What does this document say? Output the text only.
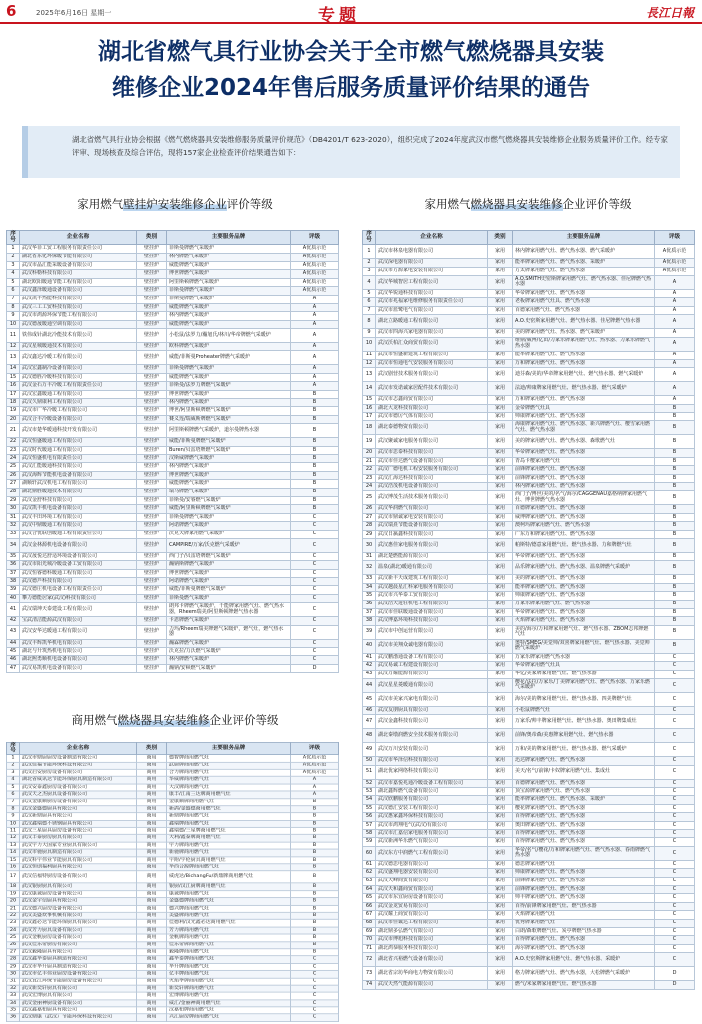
6	2025年6月16日 星期一	专题	長江日報
湖北省燃气具行业协会关于全市燃气燃烧器具安装
维修企业2024年售后服务质量评价结果的通告
湖北省燃气具行业协会根据《燃气燃烧器具安装维修服务质量评价规范》（DB4201/T 623-2020），组织完成了2024年度武汉市燃气燃烧器具安装维修企业服务质量评价工作。经专家评审、现场核查及综合评估，现将157家企业检查评价结果通告如下：
家用燃气壁挂炉安装维修企业评价等级
序号	企业名称	类别	主要服务品牌	评级
1	武汉华菲工贸工程服务有限责任公司	壁挂炉	菲斯曼牌燃气采暖炉	A优质示范
2	湖北省东化环保暖节能有限公司	壁挂炉	林内牌燃气采暖炉	A优质示范
3	武汉市晶汇能采暖设备有限公司	壁挂炉	威能牌燃气采暖炉	A优质示范
4	武汉科勒科技有限公司	壁挂炉	博世牌燃气采暖炉	A优质示范
5	湖北欧阳暖通节能工程有限公司	壁挂炉	阿里斯顿牌燃气采暖炉	A优质示范
6	武汉鑫泽暖通设备有限公司	壁挂炉	菲斯曼牌燃气采暖炉	A优质示范
7	武汉凯丰热能科技有限公司	壁挂炉	菲斯曼牌燃气采暖炉	A
8	武汉三工工贸科技有限公司	壁挂炉	威能牌燃气采暖炉	A
9	武汉市鸿源环保节能工程有限公司	壁挂炉	林内牌燃气采暖炉	A
10	武汉德晟暖通空调有限公司	壁挂炉	威能牌燃气采暖炉	A
11	铁伟成针湖北冷能技术有限公司	壁挂炉	小松鼠/法罗力/瀚旭氏/林川/华帝牌燃气采暖炉	A
12	武汉星城暖通技术有限公司	壁挂炉	欧科牌燃气采暖炉	A
13	武汉鑫达冷暖工程有限公司	壁挂炉	威能/菲斯曼Proheater牌燃气采暖炉	A
14	武汉宏鑫制冷设备有限公司	壁挂炉	菲斯曼牌燃气采暖炉	A
15	武汉德胜冷暖科技有限公司	壁挂炉	威能牌燃气采暖炉	A
16	武汉金石万丰冷暖工程有限责任公司	壁挂炉	菲斯曼/法罗力牌燃气采暖炉	A
17	武汉宏鑫暖通工程有限公司	壁挂炉	博世牌燃气采暖炉	B
18	武汉久鼎康利工程有限公司	壁挂炉	林内牌燃气采暖炉	B
19	武汉市广华冷暖工程有限公司	壁挂炉	博世/阿里斯顿牌燃气采暖炉	B
20	武汉合丰冷暖设备有限公司	壁挂炉	賽义莲/瑞威斯牌燃气采暖炉	B
21	武汉市楚华暖通科技开发有限公司	壁挂炉	阿里斯顿牌燃气采暖炉，道尔曼牌热水器	B
22	武汉恒盛暖通工程有限公司	壁挂炉	威能/菲斯曼牌燃气采暖炉	B
23	武汉时代暖通工程有限公司	壁挂炉	Buren/贝雷塔牌燃气采暖炉	B
24	武汉恒盛机电有限责任公司	壁挂炉	汉斯威牌燃气采暖炉	B
25	武汉汇能暖通科技有限公司	壁挂炉	林内牌燃气采暖炉	B
26	武汉海辉节能机电设备有限公司	壁挂炉	博世牌燃气采暖炉	B
27	湖顺轩武汉机电工程有限公司	壁挂炉	威能牌燃气采暖炉	B
28	湖北鼎胜暖通技术有限公司	壁挂炉	瑞马牌燃气采暖炉	B
29	武汉金舒科技有限公司	壁挂炉	菲斯曼/安睿燃气采暖炉	B
30	武汉凯丰机电设备有限公司	壁挂炉	威能/阿里斯顿牌燃气采暖炉	B
31	武汉丰田环境工程有限公司	壁挂炉	菲斯曼牌燃气采暖炉	C
32	武汉中鼎暖通工程有限公司	壁挂炉	阿诺牌燃气采暖炉	C
33	武汉合优联创暖通工程有限责任公司	壁挂炉	沃克夫牌家用燃气采暖炉	C
34	武汉金林源机电设备有限公司	壁挂炉	CAMPIRE/万家/沃克燃气采暖炉	C
35	武汉晟悦达舒适环境设备有限公司	壁挂炉	西门子/贝雷塔牌燃气采暖炉	C
36	武汉市阳光城冷暖设备工贸有限公司	壁挂炉	瀚钠斯牌燃气采暖炉	C
37	武汉恒睿德科暖通工程有限公司	壁挂炉	博世牌燃气采暖炉	C
38	武汉德芦科技有限公司	壁挂炉	阿诺牌燃气采暖炉	C
39	武汉德庄机电设备工程有限责任公司	壁挂炉	威能/菲斯曼牌燃气采暖炉	C
40	攀力德能居家(武汉)科技有限公司	壁挂炉	菲斯曼燃气采暖炉	C
41	武汉瑞坤天泰建设工程有限公司	壁挂炉	朗邦卡牌燃气采暖炉，千能牌家用燃气灶、燃气热水器，Rheem瑞美/阿里斯顿牌燃气热水器	C
42	宝武清洁能源武汉有限公司	壁挂炉	卡恩牌燃气采暖炉	C
43	武汉安华达暖通工程有限公司	壁挂炉	力玛/Rheem瑞美牌燃气采暖炉，燃气灶，燃气热水器	C
44	武汉丰辉凯华机电有限公司	壁挂炉	瀚霖牌燃气采暖炉	C
45	湖北与升筑热机电有限公司	壁挂炉	沃克拉/力沃燃气采暖炉	C
46	湖北熙勇顺机电设备有限公司	壁挂炉	林内牌燃气采暖炉	C
47	武汉易凯机电设备有限公司	壁挂炉	瀚钠/安顿燃气采暖炉	D
商用燃气燃烧器具安装维修企业评价等级
序号	企业名称	类别	主要服务品牌	评级
1	武汉市鼎厨厨房设备制造有限公司	商用	德智牌商用燃气灶	A优质示范
2	武汉佳福节能环保科技有限公司	商用	武厨牌商用燃气灶	A优质示范
3	武汉启安厨房设备有限公司	商用	合力牌商用燃气灶	A优质示范
4	湖北省威讯达节能环保厨具制造有限公司	商用	华威牌商用燃气灶	A
5	武汉安泰鑫厨房设备有限公司	商用	大汉牌商用燃气灶	A
6	武汉天之杰厨具设备有限公司	商用	康丰/江南三达牌商用燃气灶	A
7	武汉金康顺厨房设备有限公司	商用	金康顺牌商用燃气灶	B
8	武汉金盛德厨具有限公司	商用	新鸽/金盛德商用燃气灶	B
9	武汉新鼎厨具有限公司	商用	新鼎牌商用燃气灶	B
10	武汉鑫瑞德不锈钢厨具有限公司	商用	鑫瑞牌商用燃气灶	B
11	武汉三星厨具厨房设备有限公司	商用	鑫瑞德/三星牌商用燃气灶	B
12	武汉丰泰厨房厨具有限公司	商用	大利/鑫泰牌商用燃气灶	B
13	武汉宇力大国家专业厨具有限公司	商用	宇力牌商用燃气灶	B
14	武汉市驰厨具制造有限公司	商用	新驰牌商用燃气灶	B
15	武汉科宇伟业节能厨具有限公司	商用	宇附/宇伦厨具商用燃气灶	B
16	武汉恒创福利厨具有限公司	商用	华西合源牌商用燃气灶	B
17	武汉信福特厨房设备有限公司	商用	威虎达/BichangFu/新鼎牌商用燃气灶	B
18	武汉银厨厨具有限公司	商用	银厨/汉江厨牌商用燃气灶	B
19	武汉康诚厨房设备有限公司	商用	康诚牌商用燃气灶	B
20	武汉金宇信厨具有限公司	商用	金盛德牌商用燃气灶	B
21	武汉德兴厨房设备有限公司	商用	德兴牌商用燃气灶	B
22	武汉美盛炊事机械有限公司	商用	美盛牌商用燃气灶	B
23	武汉鑫必达节能环保厨具有限公司	商用	佳德利/汉光鑫必达商用燃气灶	B
24	武汉芳力厨具设备有限公司	商用	芳力牌商用燃气灶	B
25	武汉金帆厨房设备有限公司	商用	金帆牌商用燃气灶	B
26	武汉佳乐帝厨房有限公司	商用	佳乐帝牌商用燃气灶	B
27	武汉毅隆厨具有限公司	商用	毅隆牌商用燃气灶	B
28	武汉鑫华泰厨具制造有限公司	商用	鑫华泰牌商用燃气灶	C
29	武汉市华升厨具制造有限公司	商用	华升牌商用燃气灶	C
30	武汉市亿丰伟业厨房设备有限公司	商用	亿丰牌商用燃气灶	C
31	武汉宜江环保节能厨房设备有限公司	商用	火焰季牌商用燃气灶	C
32	武汉新奕轩厨具有限公司	商用	新奕轩牌商用燃气灶	C
33	武汉宏博厨具有限公司	商用	宏博牌商用燃气灶	C
34	武汉金丽神厨设备有限公司	商用	威汇/金丽神商用燃气灶	C
35	武汉鑫嘉柏厨具有限公司	商用	汉嘉柏牌商用燃气灶	C
36	武汉鼎康（武汉）节能环保科技有限公司	商用	兴汇厨房牌商用燃气灶	C
家用燃气燃烧器具安装维修企业评价等级
序号	企业名称	类别	主要服务品牌	评级
1	武汉市林泉电器有限公司	家用	林内牌家用燃气灶、燃气热水器、燃气采暖炉	A优质示范
2	武汉深电器有限公司	家用	能率牌家用燃气灶、燃气热水器、采暖炉	A优质示范
3	武汉市方源家电安装有限公司	家用	方太牌家用燃气灶、燃气热水器	A优质示范
4	武汉华城智居工程有限公司	家用	A.O.SMITH史密斯牌家用燃气灶、燃气热水器、佳尼牌燃气热水器	A
5	武汉华锐通科技有限公司	家用	华帝牌家用燃气灶、燃气热水器	A
6	武汉市兆福家电维修服务有限责任公司	家用	老板牌家用燃气灶具、燃气热水器	A
7	武汉市蓝鹭电气有限公司	家用	百德家用燃气灶、燃气热水器	A
8	湖北立路暖通工程有限公司	家用	A.O.史密斯家用燃气灶、燃气热水器、佳尼牌燃气热水器	A
9	武汉市四海兴家电器有限公司	家用	美的牌家用燃气灶、热水器、燃气采暖炉	A
10	武汉沃柏汇众商贸有限公司	家用	维鼎/威博/亿田/力家乐牌家用燃气灶、热水器、力家乐牌燃气热水器	A
11	武汉市恒盛新建筑工程有限公司	家用	能率牌家用燃气灶、燃气热水器	A
12	武汉市恒通电气安装服务有限公司	家用	万和牌家用燃气灶、燃气热水器	A
13	武汉剧营技术服务有限公司	家用	迪芬森/美的/华帝牌家用燃气灶、燃气热水器、燃气采暖炉	A
14	武汉市发诺诚家居配件技术有限公司	家用	法迪/帅康牌家用燃气灶、燃气热水器、燃气采暖炉	A
15	武汉市志鑫商贸有限公司	家用	万和牌家用燃气灶、燃气热水器	A
16	湖北大龙科技有限公司	家用	金帝牌燃气灶具	B
17	武汉市德厉气体有限公司	家用	帅康牌家用燃气灶、燃气热水器	B
18	湖北泰德物资有限公司	家用	海康牌家用燃气灶、燃气热水器、新兴牌燃气灶、樱雪家用燃气灶、燃气热水器	B
19	武汉聚诚家电服务有限公司	家用	美的牌家用燃气灶、燃气热水器、森歌燃气灶	B
20	武汉市思泰科技有限公司	家用	华帝牌家用燃气灶、燃气热水器	B
21	武汉市佳达燃气设备有限公司	家用	青岛卡樱家用燃气灶	B
22	武汉广德电机工程安装服务有限公司	家用	前锋牌家用燃气灶、燃气热水器	B
23	武汉汇海达科技有限公司	家用	前锋牌家用燃气灶、燃气热水器	B
24	武汉浩茂机电设备有限公司	家用	林内牌家用燃气灶、燃气热水器	B
25	武汉博茂生活技术服务有限公司	家用	西门子/博世/美的/名气/海尔/CAGGENAU嘉格纳牌家用燃气灶、博世牌燃气热水器	B
26	武汉华润燃气有限公司	家用	百德牌家用燃气灶、燃气热水器	B
27	武汉市鼎诚家电安装有限公司	家用	威博牌家用燃气灶、燃气热水器	B
28	武汉瑞熹节能设备有限公司	家用	澳柯玛牌家用燃气灶、燃气热水器	B
29	武汉日嬴鑫科技有限公司	家用	广东万和牌家用燃气灶、燃气热水器	B
30	武汉惠佳家电服务有限公司	家用	帕斯特/德意家用燃气灶、燃气热水器、力和牌燃气灶	B
31	湖北楚燃能源有限公司	家用	华帝牌家用燃气灶、燃气热水器	B
32	温泉(湖北)暖通有限公司	家用	品乐牌家用燃气灶、燃气热水器、温泉牌燃气采暖炉	B
33	武汉新丰天成建筑工程有限公司	家用	美的牌家用燃气灶、燃气热水器	B
34	武汉越晨星汇科家电服务有限公司	家用	能率牌家用燃气灶、燃气热水器	B
35	武汉市兴华泰工贸有限公司	家用	帅康牌家用燃气灶、燃气热水器	B
36	武汉浩天进驻机电工程有限公司	家用	万家乐牌家用燃气灶、燃气热水器	B
37	武汉市佳联暖通设备有限公司	家用	华帝牌家用燃气灶、燃气热水器	B
38	武汉博嘉环境科技有限公司	家用	火焰牌家用燃气灶、燃气热水器	B
39	武汉市中创运营有限公司	家用	美的/海尔/万和牌家用燃气灶、燃气热水器、ZBOM志邦牌燃气灶	B
40	武汉市美翔众诚电器有限公司	家用	奥特/SMEG/美觉帅/双喜牌家用燃气灶、燃气热水器、美觉帅燃气采暖炉	B
41	武汉鹏渤通设备工程有限公司	家用	万家乐牌家用燃气热水器	C
42	武汉易诚工程建设有限公司	家用	华帝牌家用燃气灶具	C
43	武汉万耀能源有限公司	家用	华亿/美家牌家用燃气灶、燃气热水器	C
44	武汉星星菱暖通有限公司	家用	樱花/法拉/万家乐/丁美牌家用燃气灶、燃气热水器、万家乐燃气采暖炉	C
45	武汉市美家兴家电有限公司	家用	海尔/美的牌家用燃气灶、燃气热水器、四美牌燃气灶	C
46	武汉友朋厨具有限公司	家用	小松鼠牌燃气灶	C
47	武汉金鑫科技有限公司	家用	万家乐/帅丰牌家用燃气灶、燃气热水器、奥田牌集成灶	C
48	湖北秦墩润燃安全技术服务有限公司	家用	前锋/奥帝森/美惠牌家用燃气灶、燃气热水器	C
49	武汉万川安装有限公司	家用	万和/美的牌家用燃气灶、燃气热水器、燃气采暖炉	C
50	武汉市华泽信科技有限公司	家用	迅达牌家用燃气灶、燃气热水器	C
51	湖北优家网络科技有限公司	家用	美天/名气/前锋/卡奴牌家用燃气灶、集成灶	C
52	武汉市嘉悦兆通冷暖设备工程有限公司	家用	百德牌家用燃气灶、燃气热水器	C
53	湖北鑫辉燃气设备有限公司	家用	顶宝源牌家用燃气灶、燃气热水器	C
54	武汉欣鹏服务有限公司	家用	能率牌家用燃气灶、燃气热水器、采暖炉	C
55	武汉德汇安装工程有限公司	家用	樱花牌家用燃气灶、燃气热水器	C
56	武汉惠家鑫环保科技有限公司	家用	百得牌家用燃气灶、燃气热水器	C
57	武汉市鸿翔电气(武汉)有限公司	家用	奥田牌家用燃气灶、燃气热水器	C
58	武汉市汇嘉信家电服务有限公司	家用	百得牌家用燃气灶、燃气热水器	C
59	武汉新洲华乐燃气有限公司	家用	百得牌家用燃气灶、燃气热水器	C
60	武汉东方中润燃气工程有限公司	家用	华帝/名气/樱花/万和牌家用燃气灶、燃气热水器、春雨牌燃气热水器	C
61	武汉德思电器有限公司	家用	德思牌家用燃气灶	C
62	武汉盛翔电器安装有限公司	家用	帅康牌家用燃气灶、燃气热水器	C
63	武汉天峰商贸有限公司	家用	前锋牌家用燃气灶、燃气热水器	C
64	武汉天和鑫商贸有限公司	家用	前锋牌家用燃气灶、燃气热水器	C
65	武汉市东宜厨房设备有限公司	家用	帅丰牌家用燃气灶、燃气热水器	C
66	武汉金龙贸易有限公司	家用	百得/前锋牌家用燃气灶、燃气热水器	C
67	武汉耀上商贸有限公司	家用	火焰牌家用燃气灶	C
68	武汉市佳诚达工程有限公司	家用	优秀牌家用燃气灶	C
69	湖北鼎多弘燃气有限公司	家用	白朗/森歌牌燃气灶、炭亭牌燃气热水器	C
70	武汉市博旭科技有限公司	家用	百得牌家用燃气灶、燃气热水器	C
71	湖北鸿恭服务科技有限公司	家用	海尔牌家用燃气灶、燃气热水器	C
72	湖北省兴裕燃气设备有限公司	家用	A.O.史密斯牌家用燃气灶、燃气热水器、采暖炉	C
73	湖北省宗坊华商电力物资有限公司	家用	格力牌家用燃气灶、燃气热水器，大松牌燃气采暖炉	D
74	武汉天然气能源有限公司	家用	燃气/米家牌家用燃气灶、燃气热水器	D
